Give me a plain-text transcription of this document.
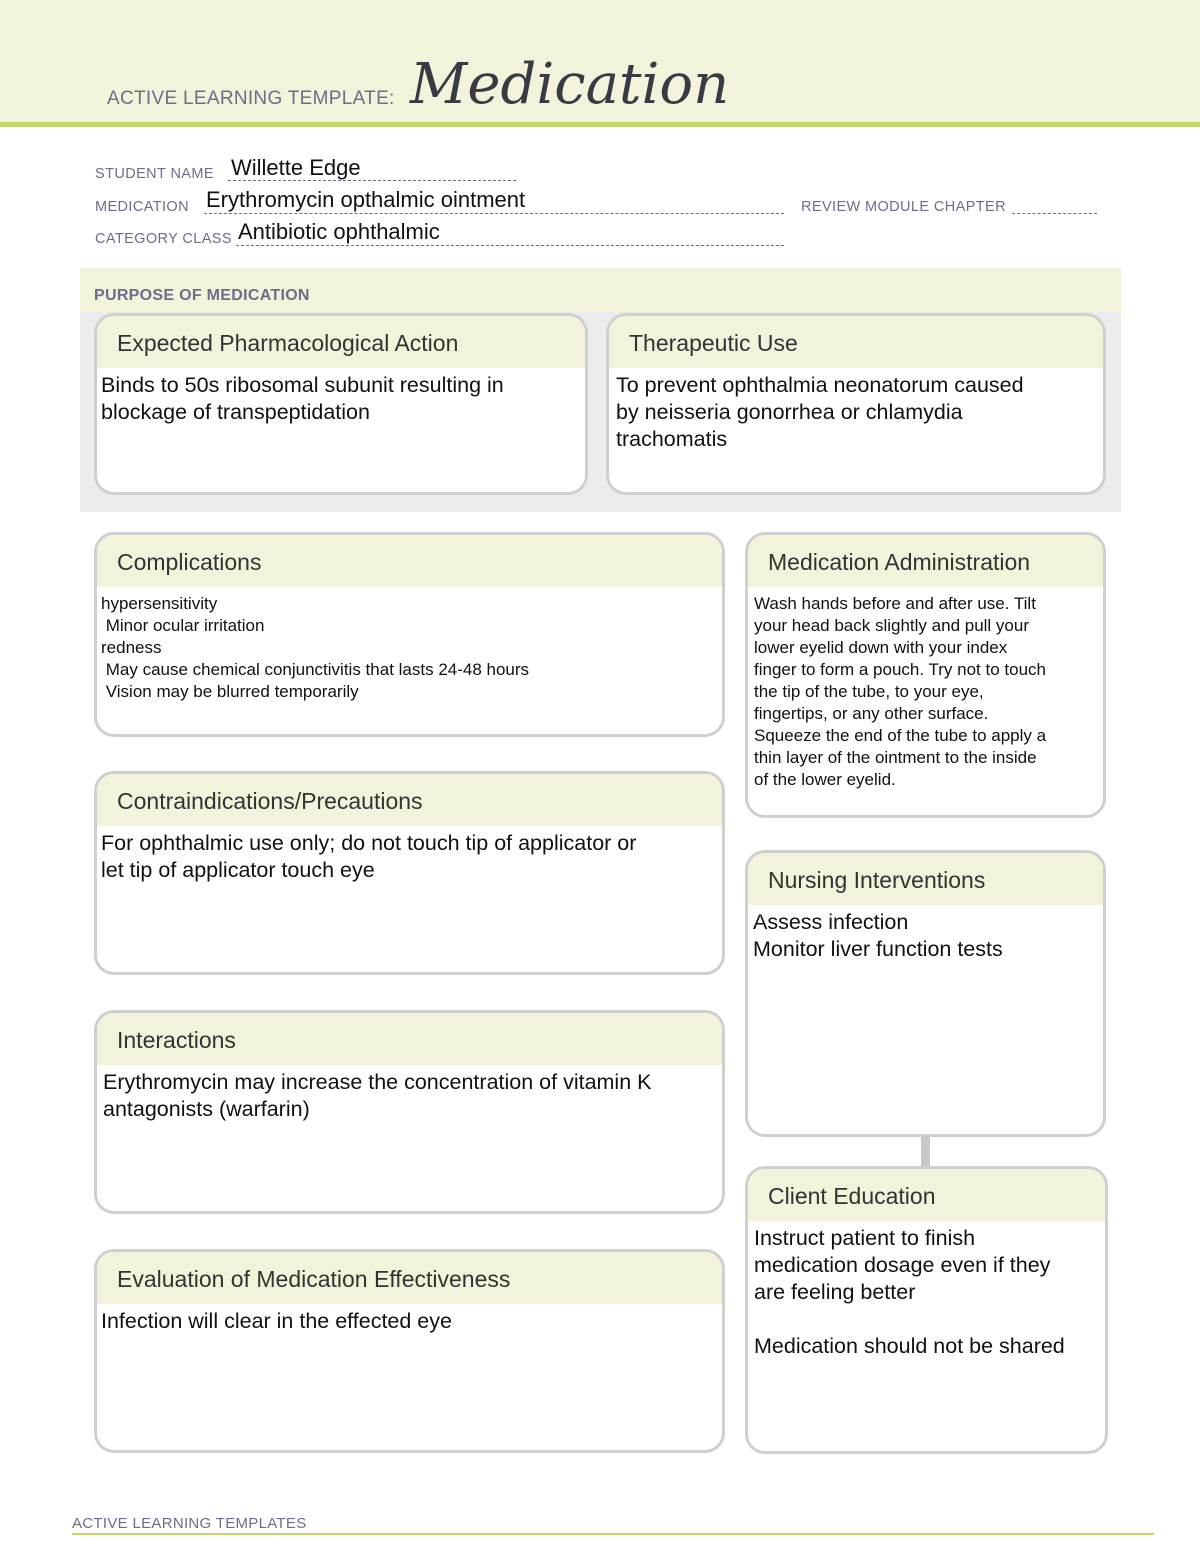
ACTIVE LEARNING TEMPLATE: Medication
STUDENT NAME Willette Edge
MEDICATION Erythromycin opthalmic ointment	REVIEW MODULE CHAPTER
CATEGORY CLASS Antibiotic ophthalmic
PURPOSE OF MEDICATION
Expected Pharmacological Action
Binds to 50s ribosomal subunit resulting in
blockage of transpeptidation
Therapeutic Use
To prevent ophthalmia neonatorum caused
by neisseria gonorrhea or chlamydia
trachomatis
Complications
hypersensitivity
Minor ocular irritation
redness
May cause chemical conjunctivitis that lasts 24-48 hours
Vision may be blurred temporarily
Contraindications/Precautions
For ophthalmic use only; do not touch tip of applicator or
let tip of applicator touch eye
Interactions
Erythromycin may increase the concentration of vitamin K
antagonists (warfarin)
Evaluation of Medication Effectiveness
Infection will clear in the effected eye
Medication Administration
Wash hands before and after use. Tilt
your head back slightly and pull your
lower eyelid down with your index
finger to form a pouch. Try not to touch
the tip of the tube, to your eye,
fingertips, or any other surface.
Squeeze the end of the tube to apply a
thin layer of the ointment to the inside
of the lower eyelid.
Nursing Interventions
Assess infection
Monitor liver function tests
Client Education
Instruct patient to finish
medication dosage even if they
are feeling better

Medication should not be shared
ACTIVE LEARNING TEMPLATES
